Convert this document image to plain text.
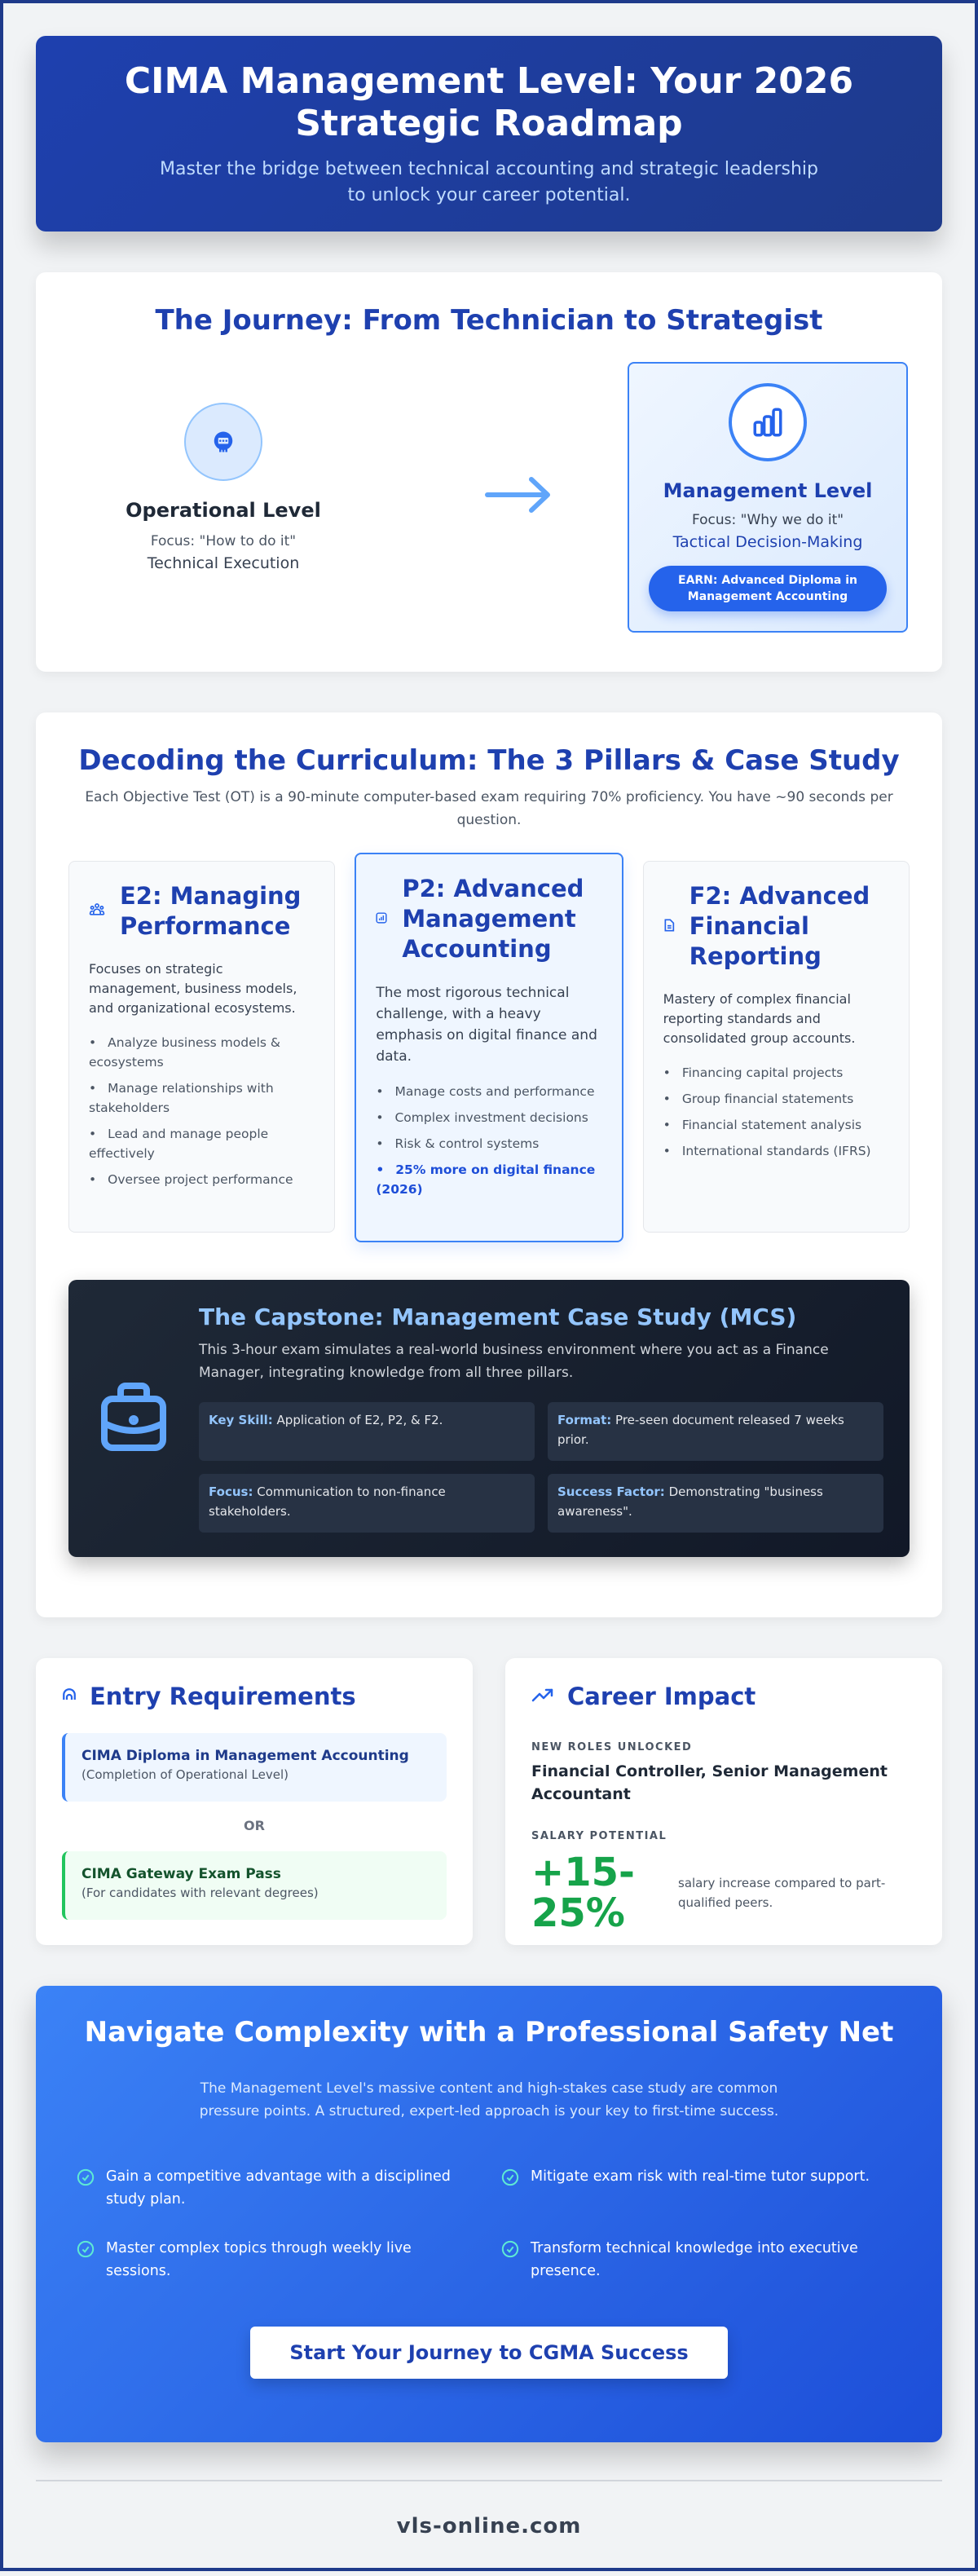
CIMA Management Level: Your 2026 Strategic Roadmap

Master the bridge between technical accounting and strategic leadership to unlock your career potential.

The Journey: From Technician to Strategist
Operational Level
Focus: "How to do it"
Technical Execution
Management Level
Focus: "Why we do it"
Tactical Decision-Making
EARN: Advanced Diploma in Management Accounting
Decoding the Curriculum: The 3 Pillars & Case Study

Each Objective Test (OT) is a 90-minute computer-based exam requiring 70% proficiency. You have ~90 seconds per question.

E2: Managing Performance

Focuses on strategic management, business models, and organizational ecosystems.

• Analyze business models & ecosystems
• Manage relationships with stakeholders
• Lead and manage people effectively
• Oversee project performance
P2: Advanced Management Accounting

The most rigorous technical challenge, with a heavy emphasis on digital finance and data.

• Manage costs and performance
• Complex investment decisions
• Risk & control systems
• 25% more on digital finance (2026)
F2: Advanced Financial Reporting

Mastery of complex financial reporting standards and consolidated group accounts.

• Financing capital projects
• Group financial statements
• Financial statement analysis
• International standards (IFRS)
The Capstone: Management Case Study (MCS)

This 3-hour exam simulates a real-world business environment where you act as a Finance Manager, integrating knowledge from all three pillars.

Key Skill: Application of E2, P2, & F2.	Format: Pre-seen document released 7 weeks prior.
Focus: Communication to non-finance stakeholders.
Success Factor: Demonstrating "business awareness".
Entry Requirements
CIMA Diploma in Management Accounting
(Completion of Operational Level)
OR
CIMA Gateway Exam Pass
(For candidates with relevant degrees)
Career Impact
NEW ROLES UNLOCKED
Financial Controller, Senior Management Accountant
SALARY POTENTIAL
+15-25%
salary increase compared to part-qualified peers.
Navigate Complexity with a Professional Safety Net

The Management Level's massive content and high-stakes case study are common pressure points. A structured, expert-led approach is your key to first-time success.

Gain a competitive advantage with a disciplined study plan.
Mitigate exam risk with real-time tutor support.
Master complex topics through weekly live sessions.
Transform technical knowledge into executive presence.
Start Your Journey to CGMA Success
vls-online.com
